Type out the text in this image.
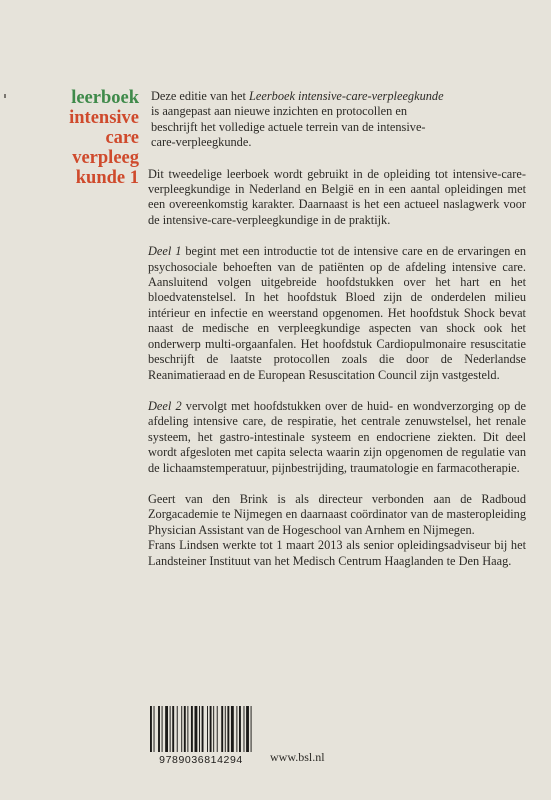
leerboek
intensive
care
verpleeg
kunde 1

Deze editie van het Leerboek intensive-care-verpleegkunde
is aangepast aan nieuwe inzichten en protocollen en
beschrijft het volledige actuele terrein van de intensive-
care-verpleegkunde.

Dit tweedelige leerboek wordt gebruikt in de opleiding tot intensive-care-verpleegkundige in Nederland en België en in een aantal opleidingen met een overeenkomstig karakter. Daarnaast is het een actueel naslagwerk voor de intensive-care-verpleegkundige in de praktijk.

Deel 1 begint met een introductie tot de intensive care en de ervaringen en psychosociale behoeften van de patiënten op de afdeling intensive care. Aansluitend volgen uitgebreide hoofdstukken over het hart en het bloedvatenstelsel. In het hoofdstuk Bloed zijn de onderdelen milieu intérieur en infectie en weerstand opgenomen. Het hoofdstuk Shock bevat naast de medische en verpleegkundige aspecten van shock ook het onderwerp multi-orgaanfalen. Het hoofdstuk Cardiopulmonaire resuscitatie beschrijft de laatste protocollen zoals die door de Nederlandse Reanimatieraad en de European Resuscitation Council zijn vastgesteld.

Deel 2 vervolgt met hoofdstukken over de huid- en wondverzorging op de afdeling intensive care, de respiratie, het centrale zenuwstelsel, het renale systeem, het gastro-intestinale systeem en endocriene ziekten. Dit deel wordt afgesloten met capita selecta waarin zijn opgenomen de regulatie van de lichaamstemperatuur, pijnbestrijding, traumatologie en farmacotherapie.

Geert van den Brink is als directeur verbonden aan de Radboud Zorgacademie te Nijmegen en daarnaast coördinator van de masteropleiding Physician Assistant van de Hogeschool van Arnhem en Nijmegen.

Frans Lindsen werkte tot 1 maart 2013 als senior opleidingsadviseur bij het Landsteiner Instituut van het Medisch Centrum Haaglanden te Den Haag.

9789036814294	www.bsl.nl
